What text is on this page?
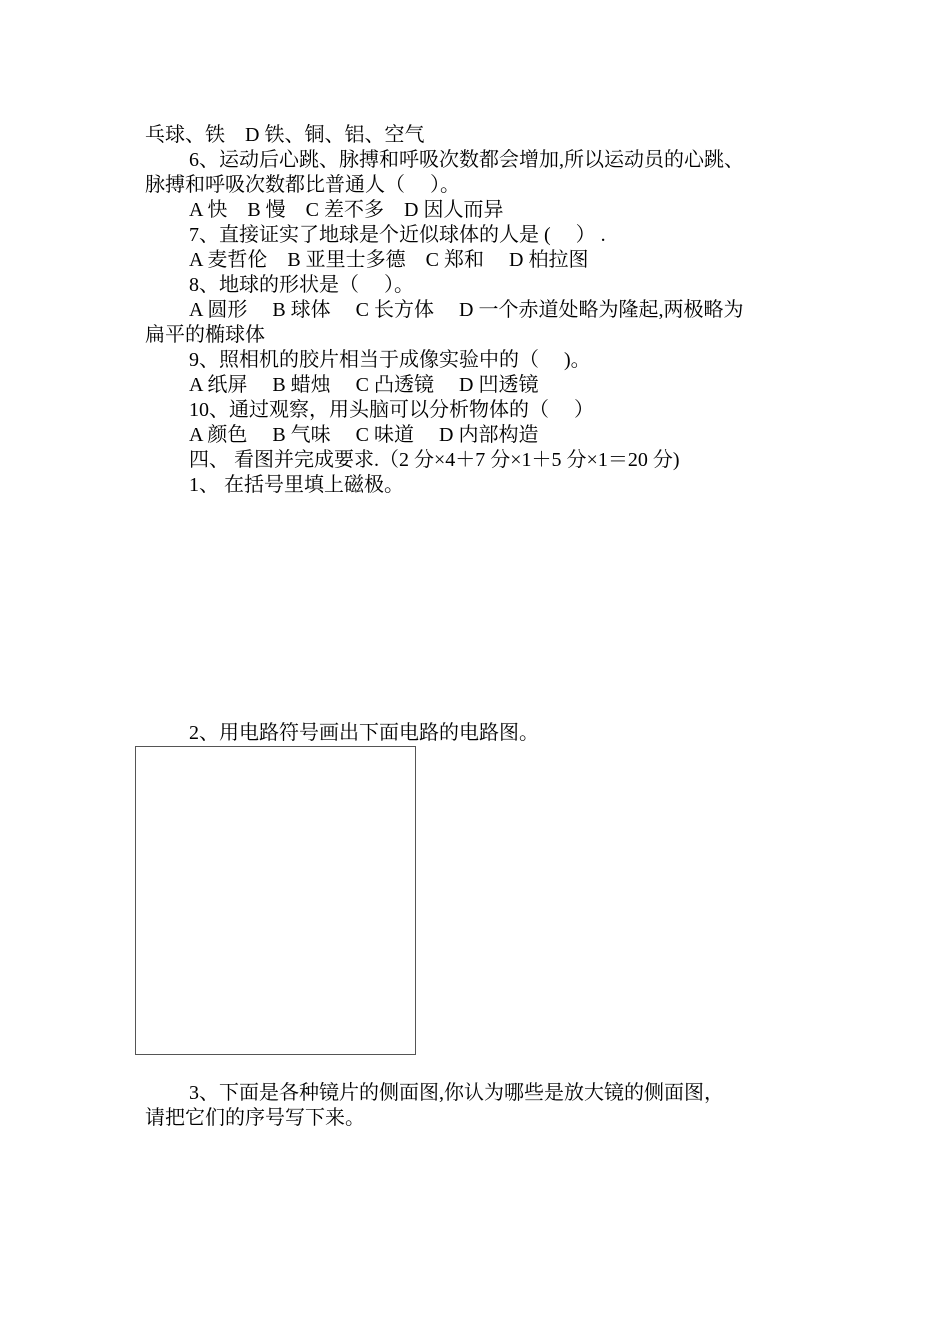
乓球、铁　D 铁、铜、铝、空气
6、运动后心跳、脉搏和呼吸次数都会增加,所以运动员的心跳、
脉搏和呼吸次数都比普通人（　 ）。
A 快　B 慢　C 差不多　D 因人而异
7、直接证实了地球是个近似球体的人是 (　 ） .
A 麦哲伦　B 亚里士多德　C 郑和　 D 柏拉图
8、地球的形状是（　 ）。
A 圆形　 B 球体　 C 长方体　 D 一个赤道处略为隆起,两极略为
扁平的椭球体
9、照相机的胶片相当于成像实验中的（　 )。
A 纸屏　 B 蜡烛　 C 凸透镜　 D 凹透镜
10、通过观察，用头脑可以分析物体的（　 ）
A 颜色　 B 气味　 C 味道　 D 内部构造
四、 看图并完成要求.（2 分×4＋7 分×1＋5 分×1＝20 分)
1、 在括号里填上磁极。
2、用电路符号画出下面电路的电路图。
3、下面是各种镜片的侧面图,你认为哪些是放大镜的侧面图，
请把它们的序号写下来。
